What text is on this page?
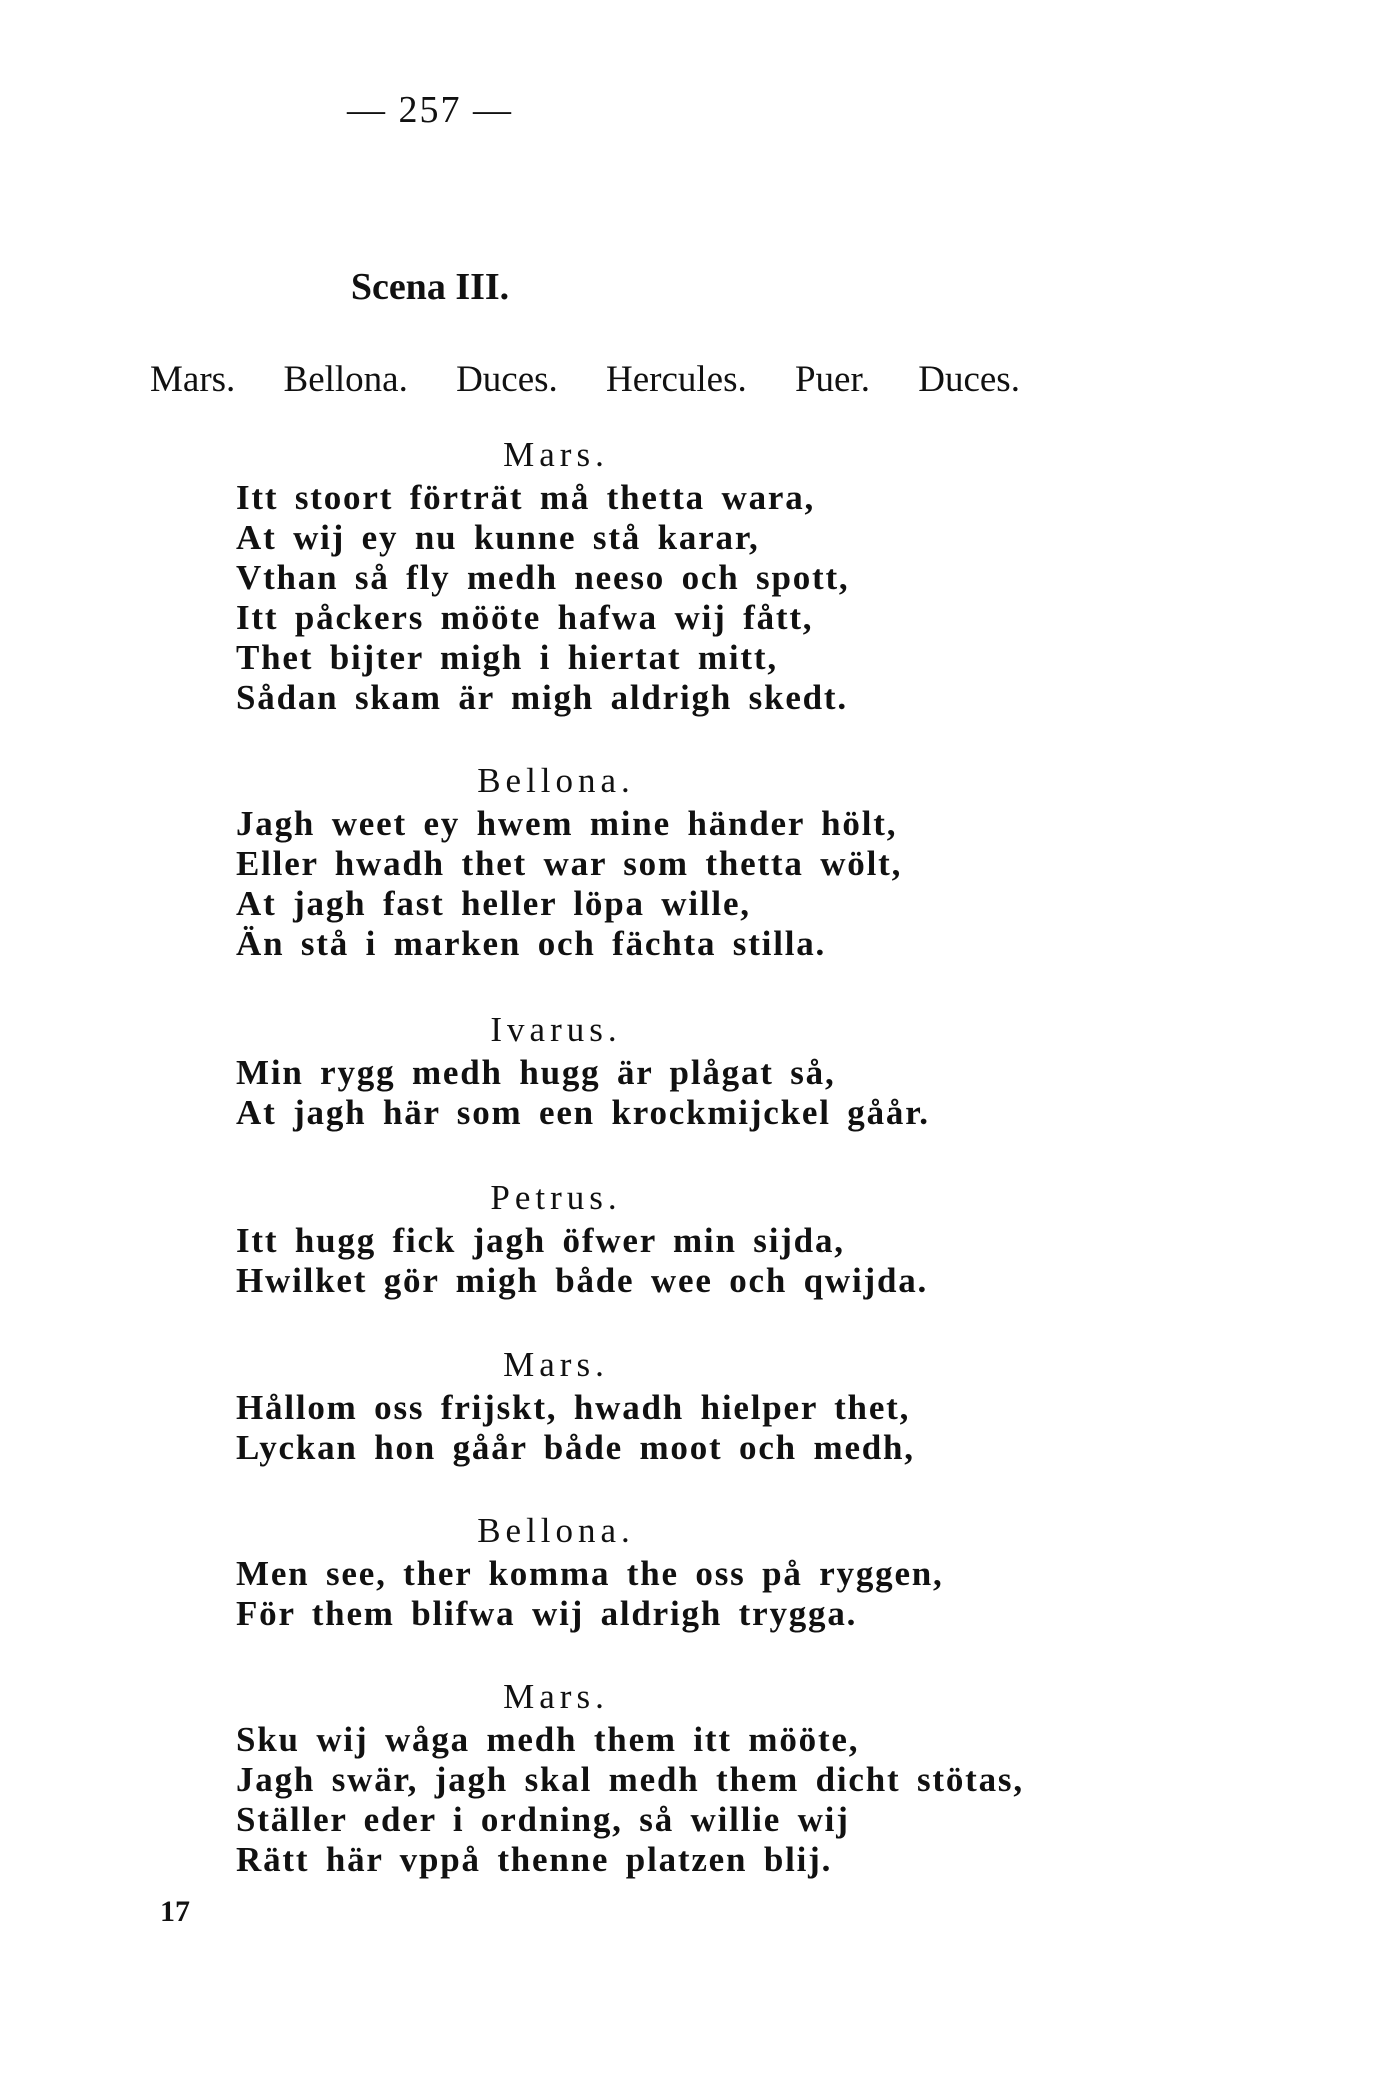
— 257 —
Scena III.
Mars. Bellona. Duces. Hercules. Puer. Duces.
Mars.
Itt stoort förträt må thetta wara,
At wij ey nu kunne stå karar,
Vthan så fly medh neeso och spott,
Itt påckers mööte hafwa wij fått,
Thet bijter migh i hiertat mitt,
Sådan skam är migh aldrigh skedt.
Bellona.
Jagh weet ey hwem mine händer hölt,
Eller hwadh thet war som thetta wölt,
At jagh fast heller löpa wille,
Än stå i marken och fächta stilla.
Ivarus.
Min rygg medh hugg är plågat så,
At jagh här som een krockmijckel gåår.
Petrus.
Itt hugg fick jagh öfwer min sijda,
Hwilket gör migh både wee och qwijda.
Mars.
Hållom oss frijskt, hwadh hielper thet,
Lyckan hon gåår både moot och medh,
Bellona.
Men see, ther komma the oss på ryggen,
För them blifwa wij aldrigh trygga.
Mars.
Sku wij wåga medh them itt mööte,
Jagh swär, jagh skal medh them dicht stötas,
Ställer eder i ordning, så willie wij
Rätt här vppå thenne platzen blij.
17
